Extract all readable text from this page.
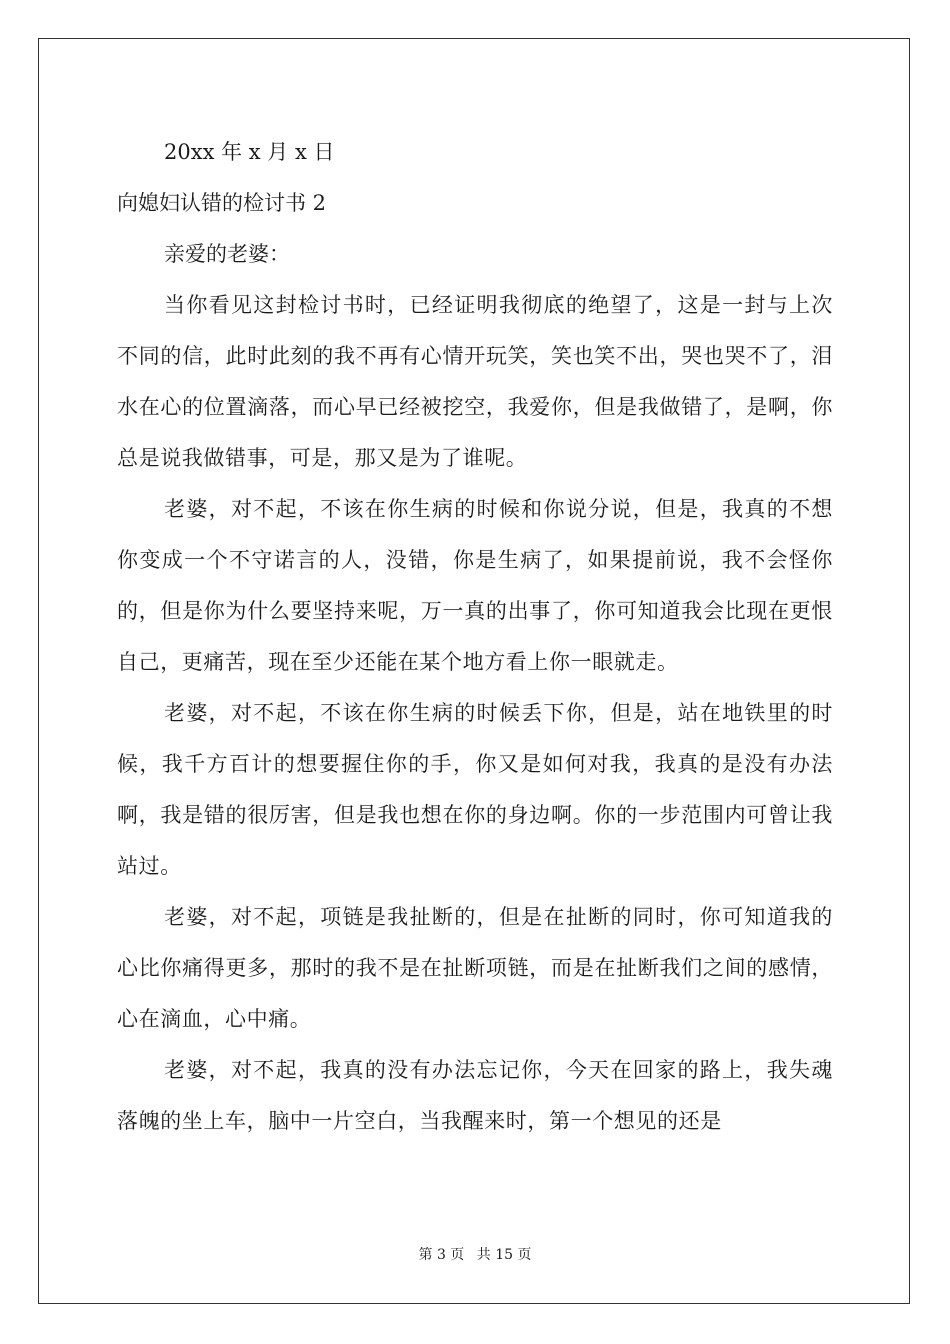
20xx 年 x 月 x 日

向媳妇认错的检讨书 2

亲爱的老婆：

当你看见这封检讨书时，已经证明我彻底的绝望了，这是一封与上次不同的信，此时此刻的我不再有心情开玩笑，笑也笑不出，哭也哭不了，泪水在心的位置滴落，而心早已经被挖空，我爱你，但是我做错了，是啊，你总是说我做错事，可是，那又是为了谁呢。

老婆，对不起，不该在你生病的时候和你说分说，但是，我真的不想你变成一个不守诺言的人，没错，你是生病了，如果提前说，我不会怪你的，但是你为什么要坚持来呢，万一真的出事了，你可知道我会比现在更恨自己，更痛苦，现在至少还能在某个地方看上你一眼就走。

老婆，对不起，不该在你生病的时候丢下你，但是，站在地铁里的时候，我千方百计的想要握住你的手，你又是如何对我，我真的是没有办法啊，我是错的很厉害，但是我也想在你的身边啊。你的一步范围内可曾让我站过。

老婆，对不起，项链是我扯断的，但是在扯断的同时，你可知道我的心比你痛得更多，那时的我不是在扯断项链，而是在扯断我们之间的感情，心在滴血，心中痛。

老婆，对不起，我真的没有办法忘记你，今天在回家的路上，我失魂落魄的坐上车，脑中一片空白，当我醒来时，第一个想见的还是

第 3 页 共 15 页
